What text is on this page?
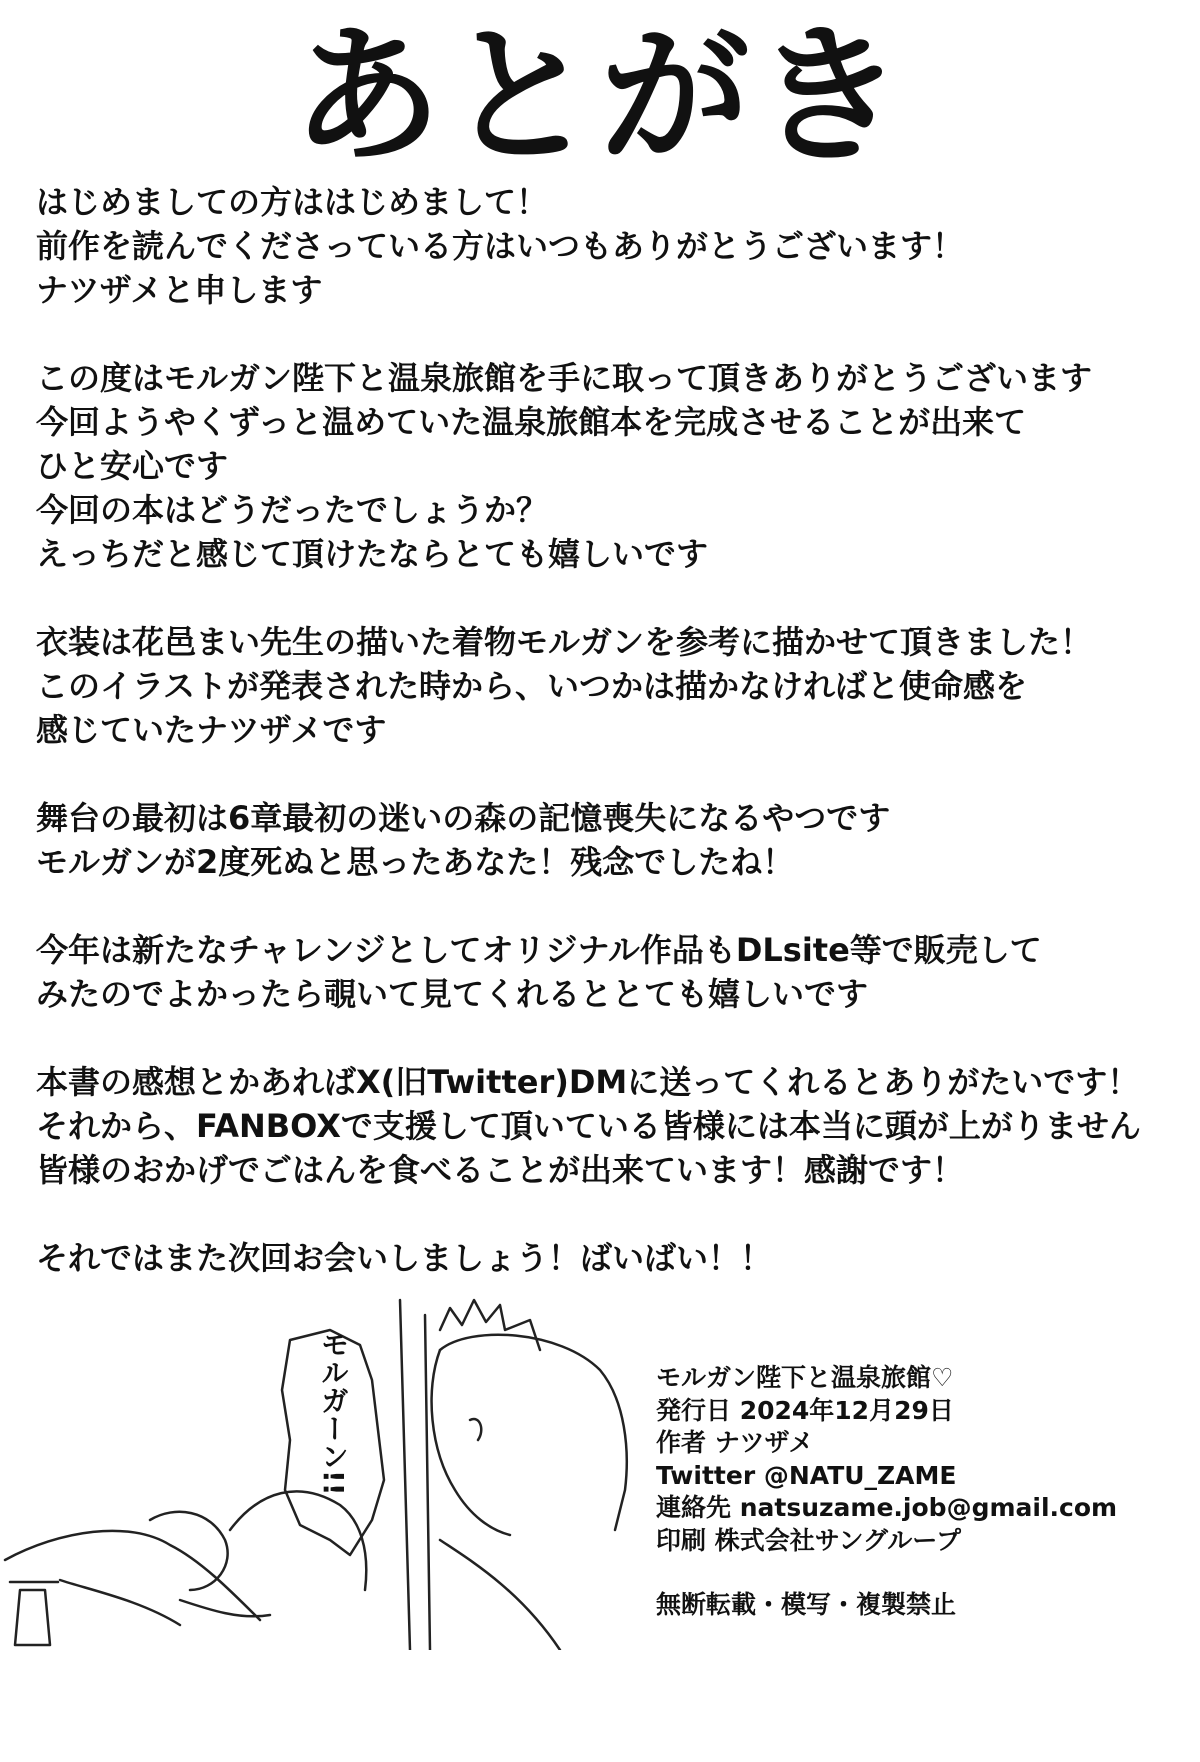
あとがき
はじめましての方ははじめまして！
前作を読んでくださっている方はいつもありがとうございます！
ナツザメと申します
この度はモルガン陛下と温泉旅館を手に取って頂きありがとうございます
今回ようやくずっと温めていた温泉旅館本を完成させることが出来て
ひと安心です
今回の本はどうだったでしょうか？
えっちだと感じて頂けたならとても嬉しいです
衣装は花邑まい先生の描いた着物モルガンを参考に描かせて頂きました！
このイラストが発表された時から、いつかは描かなければと使命感を
感じていたナツザメです
舞台の最初は6章最初の迷いの森の記憶喪失になるやつです
モルガンが2度死ぬと思ったあなた！残念でしたね！
今年は新たなチャレンジとしてオリジナル作品もDLsite等で販売して
みたのでよかったら覗いて見てくれるととても嬉しいです
本書の感想とかあればX(旧Twitter)DMに送ってくれるとありがたいです！
それから、FANBOXで支援して頂いている皆様には本当に頭が上がりません
皆様のおかげでごはんを食べることが出来ています！感謝です！
それではまた次回お会いしましょう！ばいばい！！
モルガーン!!	モルガン陛下と温泉旅館♡
発行日 2024年12月29日
作者 ナツザメ
Twitter @NATU_ZAME
連絡先 natsuzame.job@gmail.com
印刷 株式会社サングループ
無断転載・模写・複製禁止
